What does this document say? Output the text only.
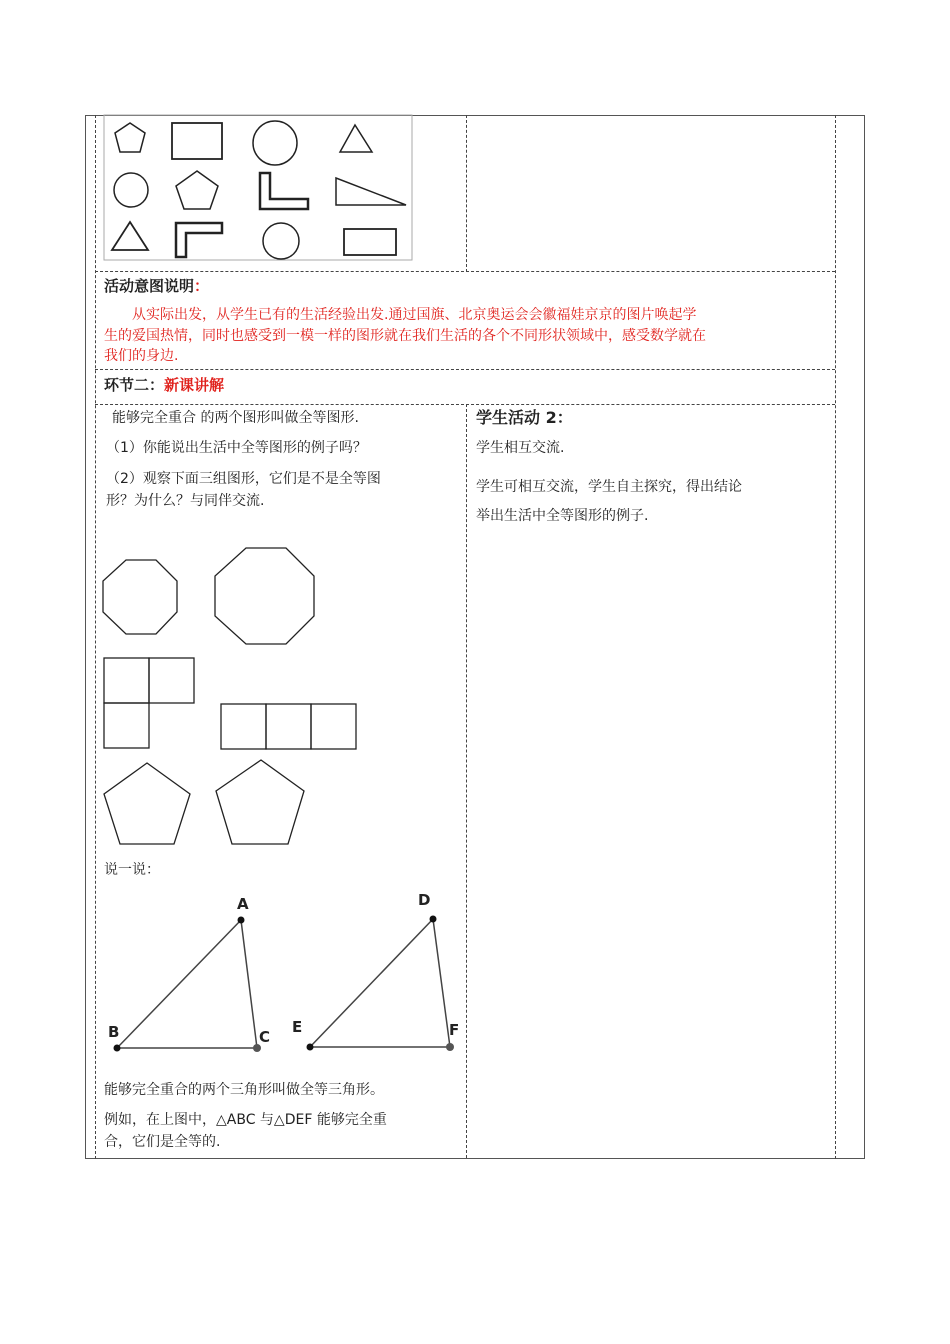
活动意图说明：
从实际出发，从学生已有的生活经验出发.通过国旗、北京奥运会会徽福娃京京的图片唤起学
生的爱国热情，同时也感受到一模一样的图形就在我们生活的各个不同形状领域中，感受数学就在
我们的身边.
环节二：新课讲解
能够完全重合 的两个图形叫做全等图形.
（1）你能说出生活中全等图形的例子吗？
（2）观察下面三组图形，它们是不是全等图
形？为什么？与同伴交流.
说一说：
A
B	C
D
E	F
能够完全重合的两个三角形叫做全等三角形。
例如，在上图中，△ABC 与△DEF 能够完全重
合，它们是全等的.
学生活动 2：
学生相互交流.
学生可相互交流，学生自主探究，得出结论
举出生活中全等图形的例子.
